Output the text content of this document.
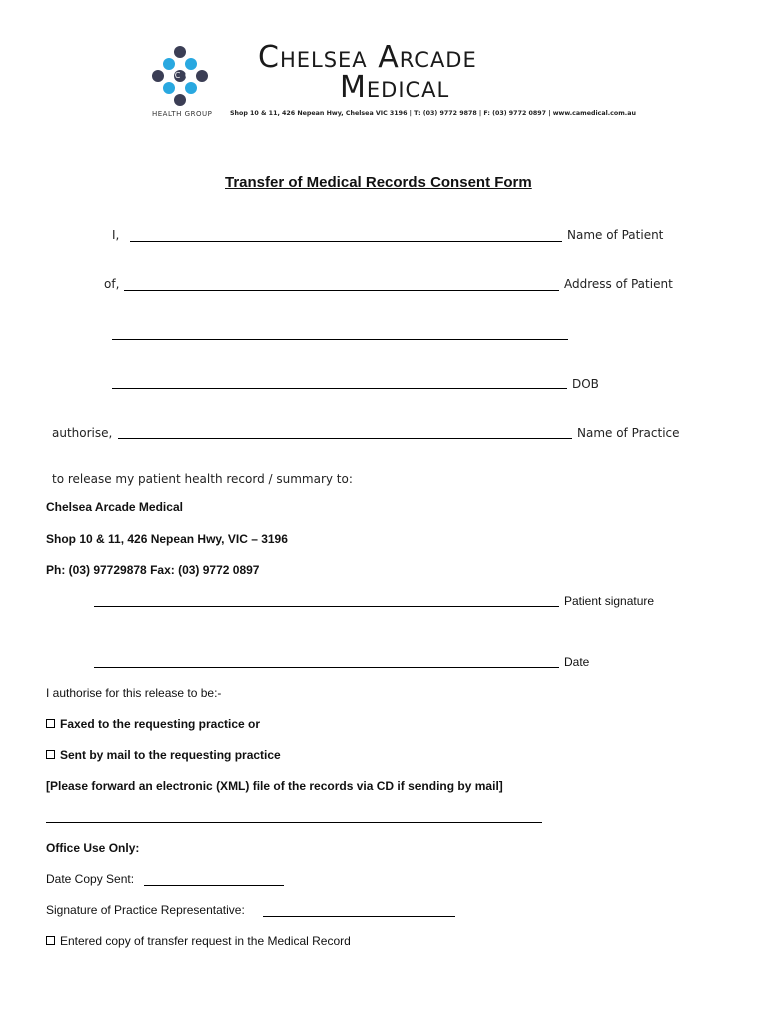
i C G
HEALTH GROUP
Chelsea Arcade
Medical
Shop 10 & 11, 426 Nepean Hwy, Chelsea VIC 3196 | T: (03) 9772 9878 | F: (03) 9772 0897 | www.camedical.com.au
Transfer of Medical Records Consent Form
I,	Name of Patient
of,	Address of Patient
DOB
authorise,	Name of Practice
to release my patient health record / summary to:
Chelsea Arcade Medical
Shop 10 & 11, 426 Nepean Hwy, VIC – 3196
Ph: (03) 97729878 Fax: (03) 9772 0897
Patient signature
Date
I authorise for this release to be:-
Faxed to the requesting practice or
Sent by mail to the requesting practice
[Please forward an electronic (XML) file of the records via CD if sending by mail]
Office Use Only:
Date Copy Sent:
Signature of Practice Representative:
Entered copy of transfer request in the Medical Record
